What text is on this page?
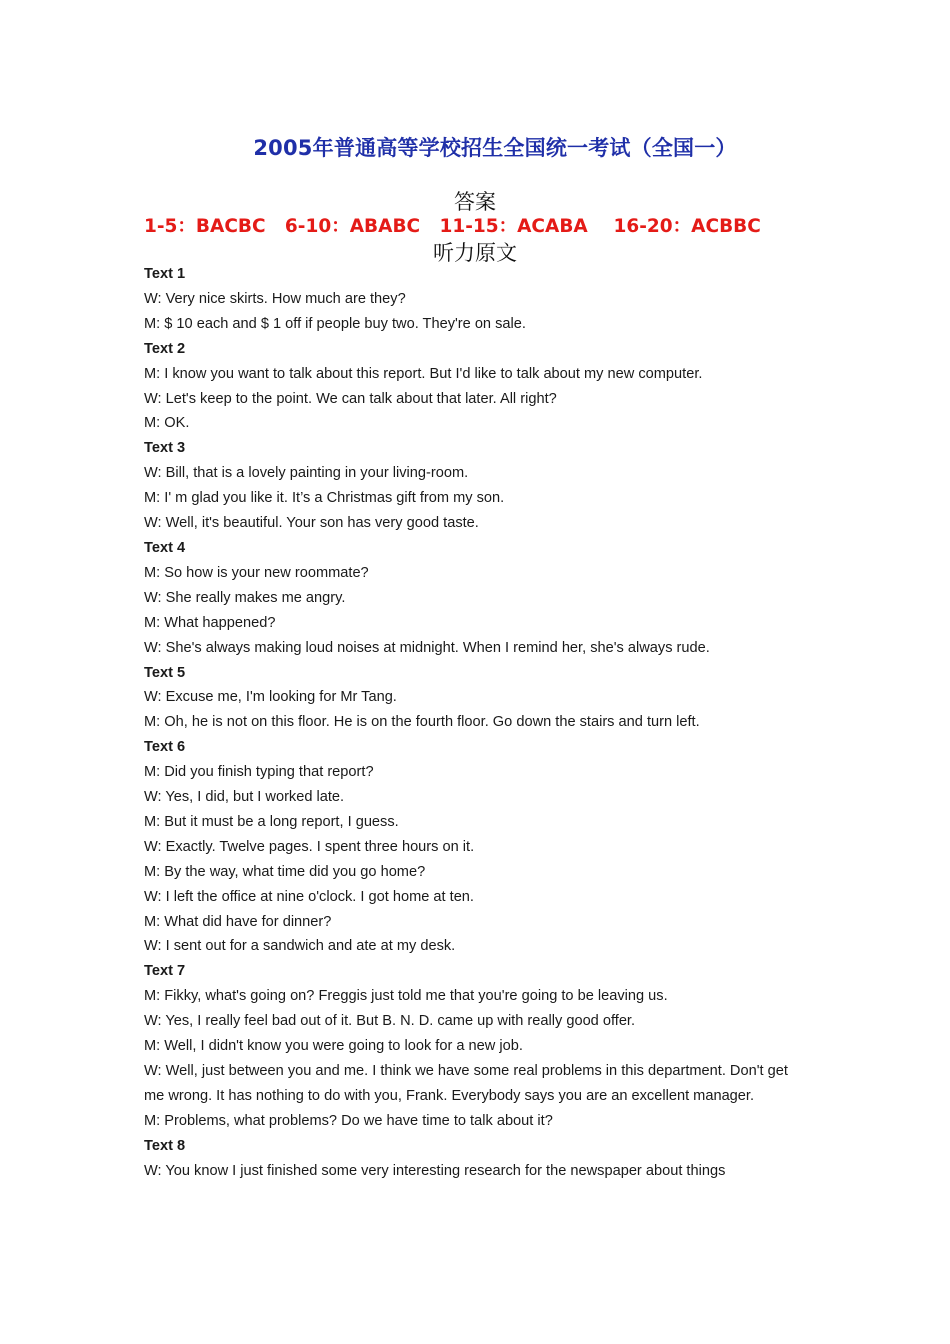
2005年普通高等学校招生全国统一考试（全国一）
答案
1-5：BACBC   6-10：ABABC   11-15：ACABA    16-20：ACBBC
听力原文

Text 1

W: Very nice skirts. How much are they?

M: $ 10 each and $ 1 off if people buy two. They're on sale.

Text 2

M: I know you want to talk about this report. But I'd like to talk about my new computer.

W: Let's keep to the point. We can talk about that later. All right?

M: OK.

Text 3

W: Bill, that is a lovely painting in your living-room.

M: I' m glad you like it. It’s a Christmas gift from my son.

W: Well, it's beautiful. Your son has very good taste.

Text 4

M: So how is your new roommate?

W: She really makes me angry.

M: What happened?

W: She's always making loud noises at midnight. When I remind her, she's always rude.

Text 5

W: Excuse me, I'm looking for Mr Tang.

M: Oh, he is not on this floor. He is on the fourth floor. Go down the stairs and turn left.

Text 6

M: Did you finish typing that report?

W: Yes, I did, but I worked late.

M: But it must be a long report, I guess.

W: Exactly. Twelve pages. I spent three hours on it.

M: By the way, what time did you go home?

W: I left the office at nine o'clock. I got home at ten.

M: What did have for dinner?

W: I sent out for a sandwich and ate at my desk.

Text 7

M: Fikky, what's going on? Freggis just told me that you're going to be leaving us.

W: Yes, I really feel bad out of it. But B. N. D. came up with really good offer.

M: Well, I didn't know you were going to look for a new job.

W: Well, just between you and me. I think we have some real problems in this department. Don't get me wrong. It has nothing to do with you, Frank. Everybody says you are an excellent manager.

M: Problems, what problems? Do we have time to talk about it?

Text 8

W: You know I just finished some very interesting research for the newspaper about things
